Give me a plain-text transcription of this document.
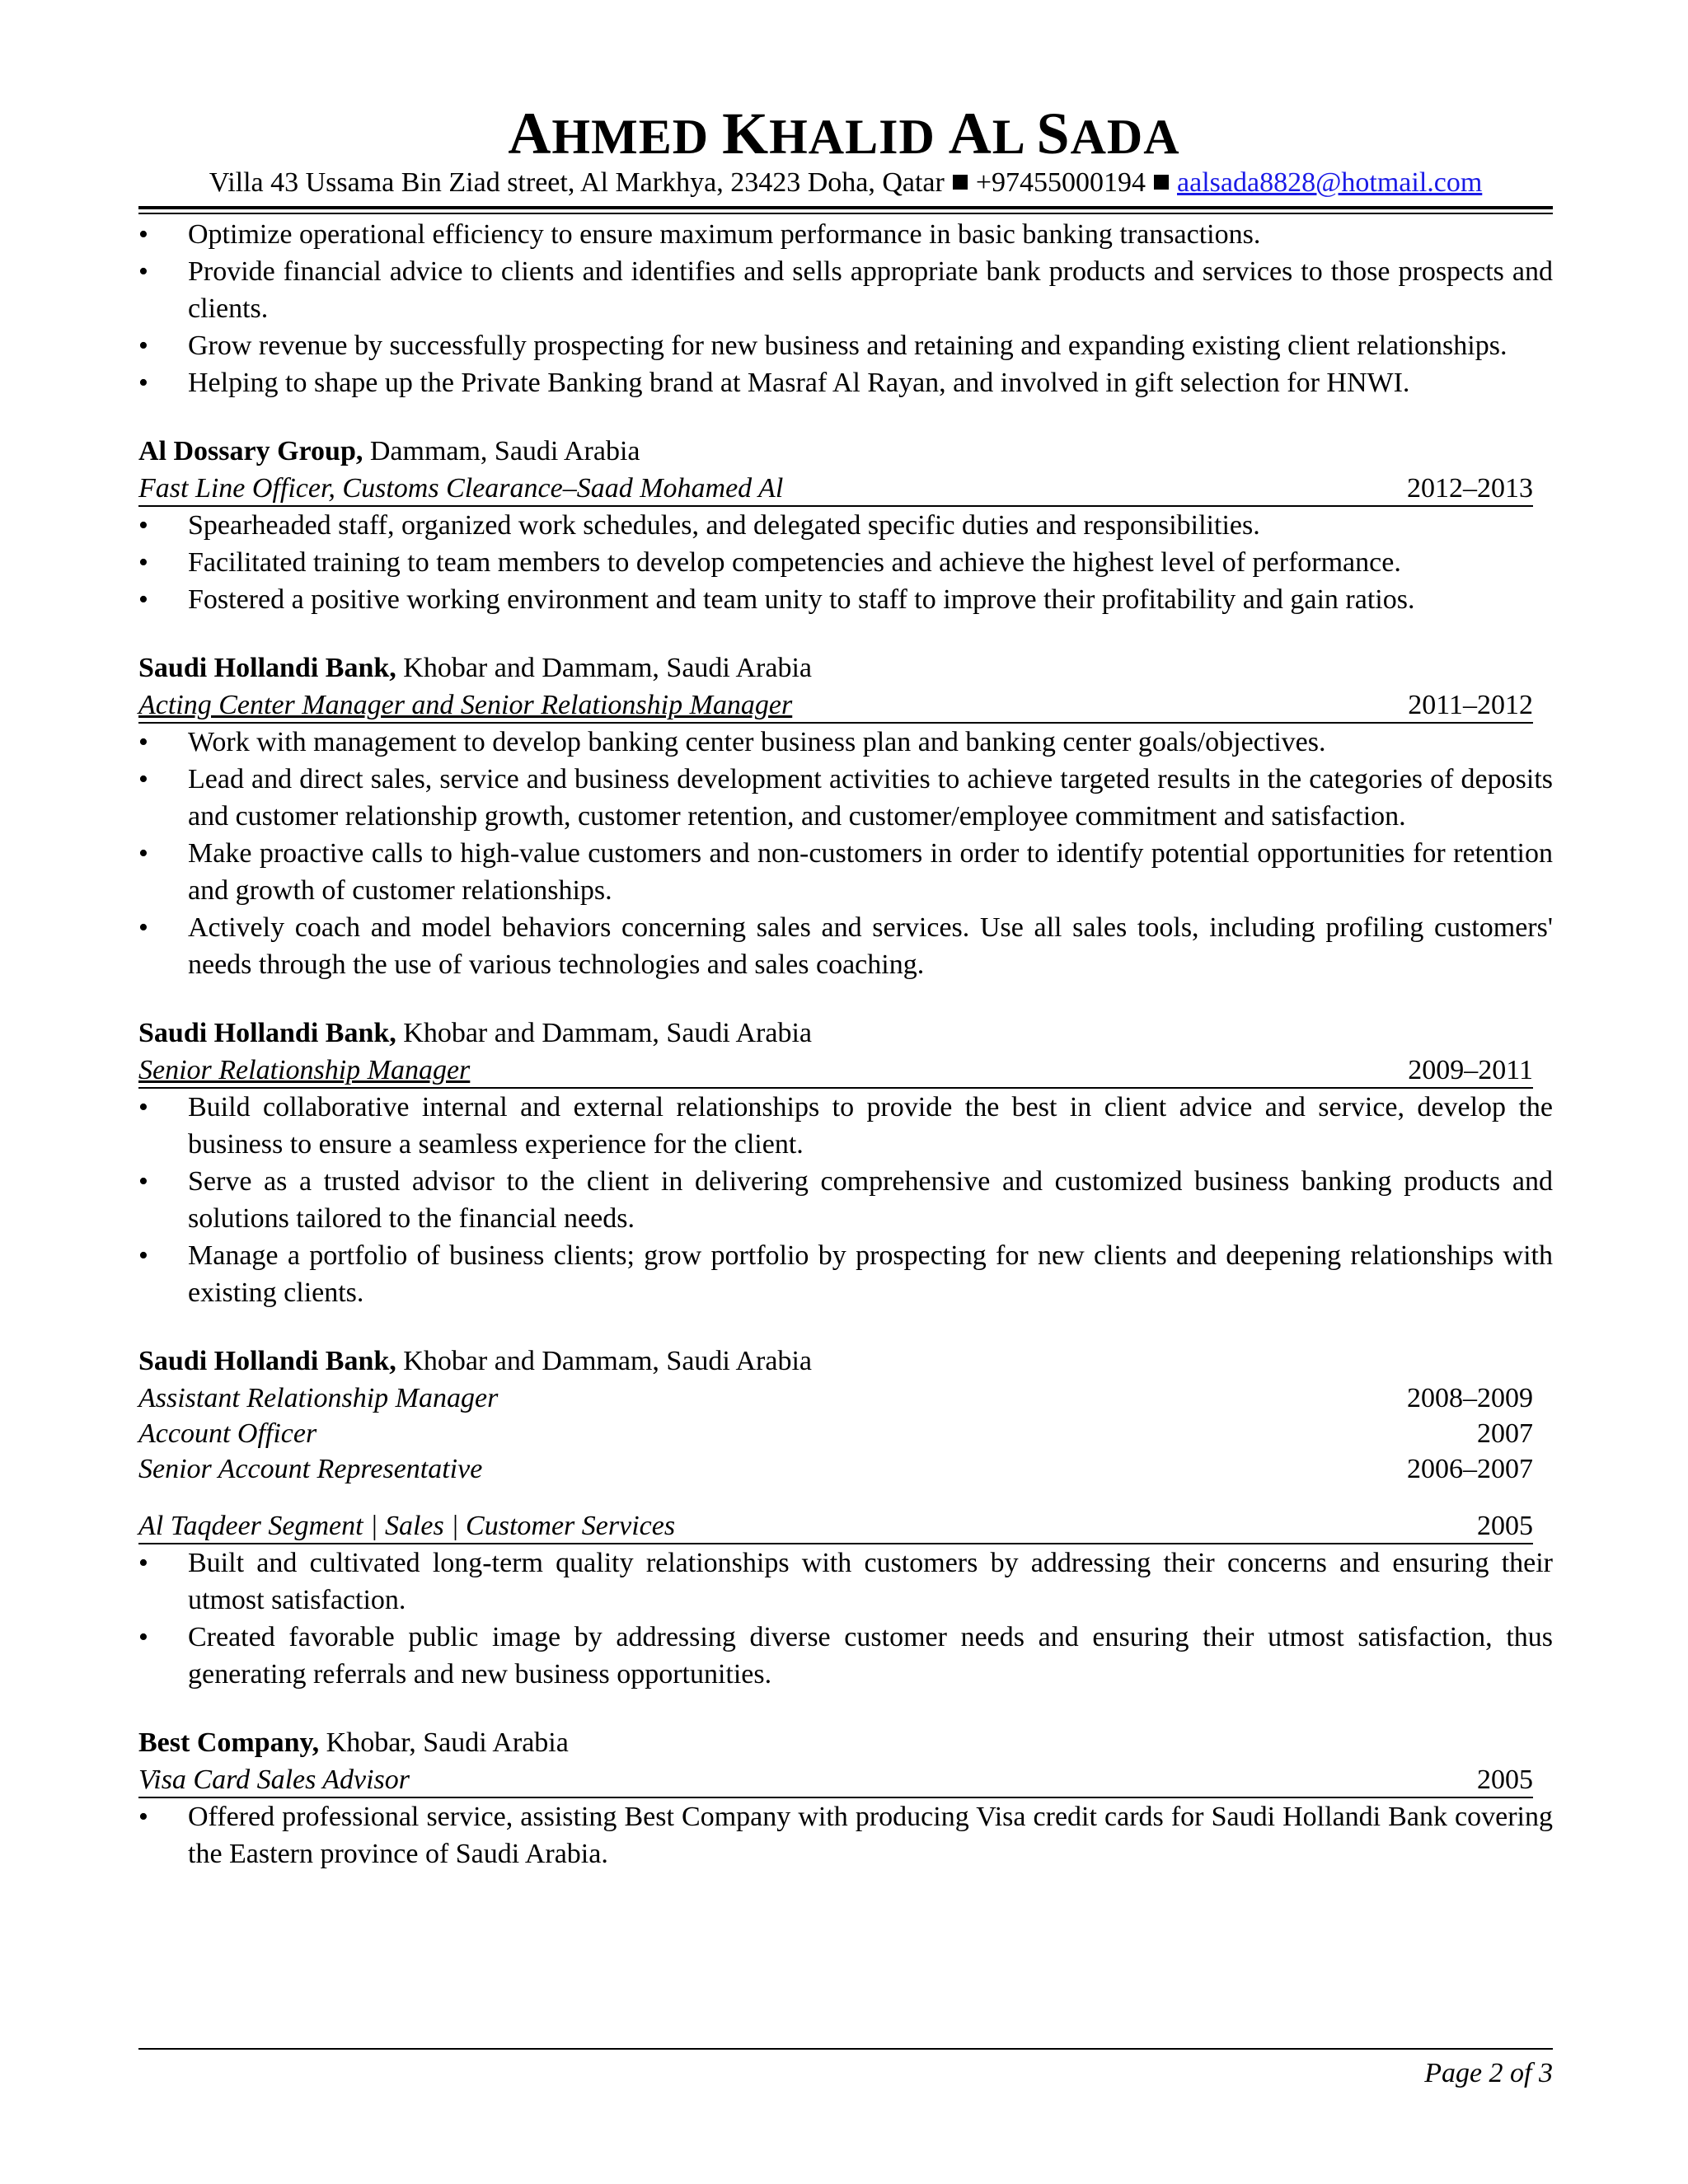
AHMED KHALID AL SADA
Villa 43 Ussama Bin Ziad street, Al Markhya, 23423 Doha, Qatar +97455000194 aalsada8828@hotmail.com
• Optimize operational efficiency to ensure maximum performance in basic banking transactions.
• Provide financial advice to clients and identifies and sells appropriate bank products and services to those prospects and clients.
• Grow revenue by successfully prospecting for new business and retaining and expanding existing client relationships.
• Helping to shape up the Private Banking brand at Masraf Al Rayan, and involved in gift selection for HNWI.
Al Dossary Group, Dammam, Saudi Arabia
Fast Line Officer, Customs Clearance–Saad Mohamed Al	2012–2013
• Spearheaded staff, organized work schedules, and delegated specific duties and responsibilities.
• Facilitated training to team members to develop competencies and achieve the highest level of performance.
• Fostered a positive working environment and team unity to staff to improve their profitability and gain ratios.
Saudi Hollandi Bank, Khobar and Dammam, Saudi Arabia
Acting Center Manager and Senior Relationship Manager	2011–2012
• Work with management to develop banking center business plan and banking center goals/objectives.
• Lead and direct sales, service and business development activities to achieve targeted results in the categories of deposits and customer relationship growth, customer retention, and customer/employee commitment and satisfaction.
• Make proactive calls to high-value customers and non-customers in order to identify potential opportunities for retention and growth of customer relationships.
• Actively coach and model behaviors concerning sales and services. Use all sales tools, including profiling customers' needs through the use of various technologies and sales coaching.
Saudi Hollandi Bank, Khobar and Dammam, Saudi Arabia
Senior Relationship Manager	2009–2011
• Build collaborative internal and external relationships to provide the best in client advice and service, develop the business to ensure a seamless experience for the client.
• Serve as a trusted advisor to the client in delivering comprehensive and customized business banking products and solutions tailored to the financial needs.
• Manage a portfolio of business clients; grow portfolio by prospecting for new clients and deepening relationships with existing clients.
Saudi Hollandi Bank, Khobar and Dammam, Saudi Arabia
Assistant Relationship Manager	2008–2009
Account Officer	2007
Senior Account Representative	2006–2007
Al Taqdeer Segment | Sales | Customer Services	2005
• Built and cultivated long-term quality relationships with customers by addressing their concerns and ensuring their utmost satisfaction.
• Created favorable public image by addressing diverse customer needs and ensuring their utmost satisfaction, thus generating referrals and new business opportunities.
Best Company, Khobar, Saudi Arabia
Visa Card Sales Advisor	2005
• Offered professional service, assisting Best Company with producing Visa credit cards for Saudi Hollandi Bank covering the Eastern province of Saudi Arabia.
Page 2 of 3
